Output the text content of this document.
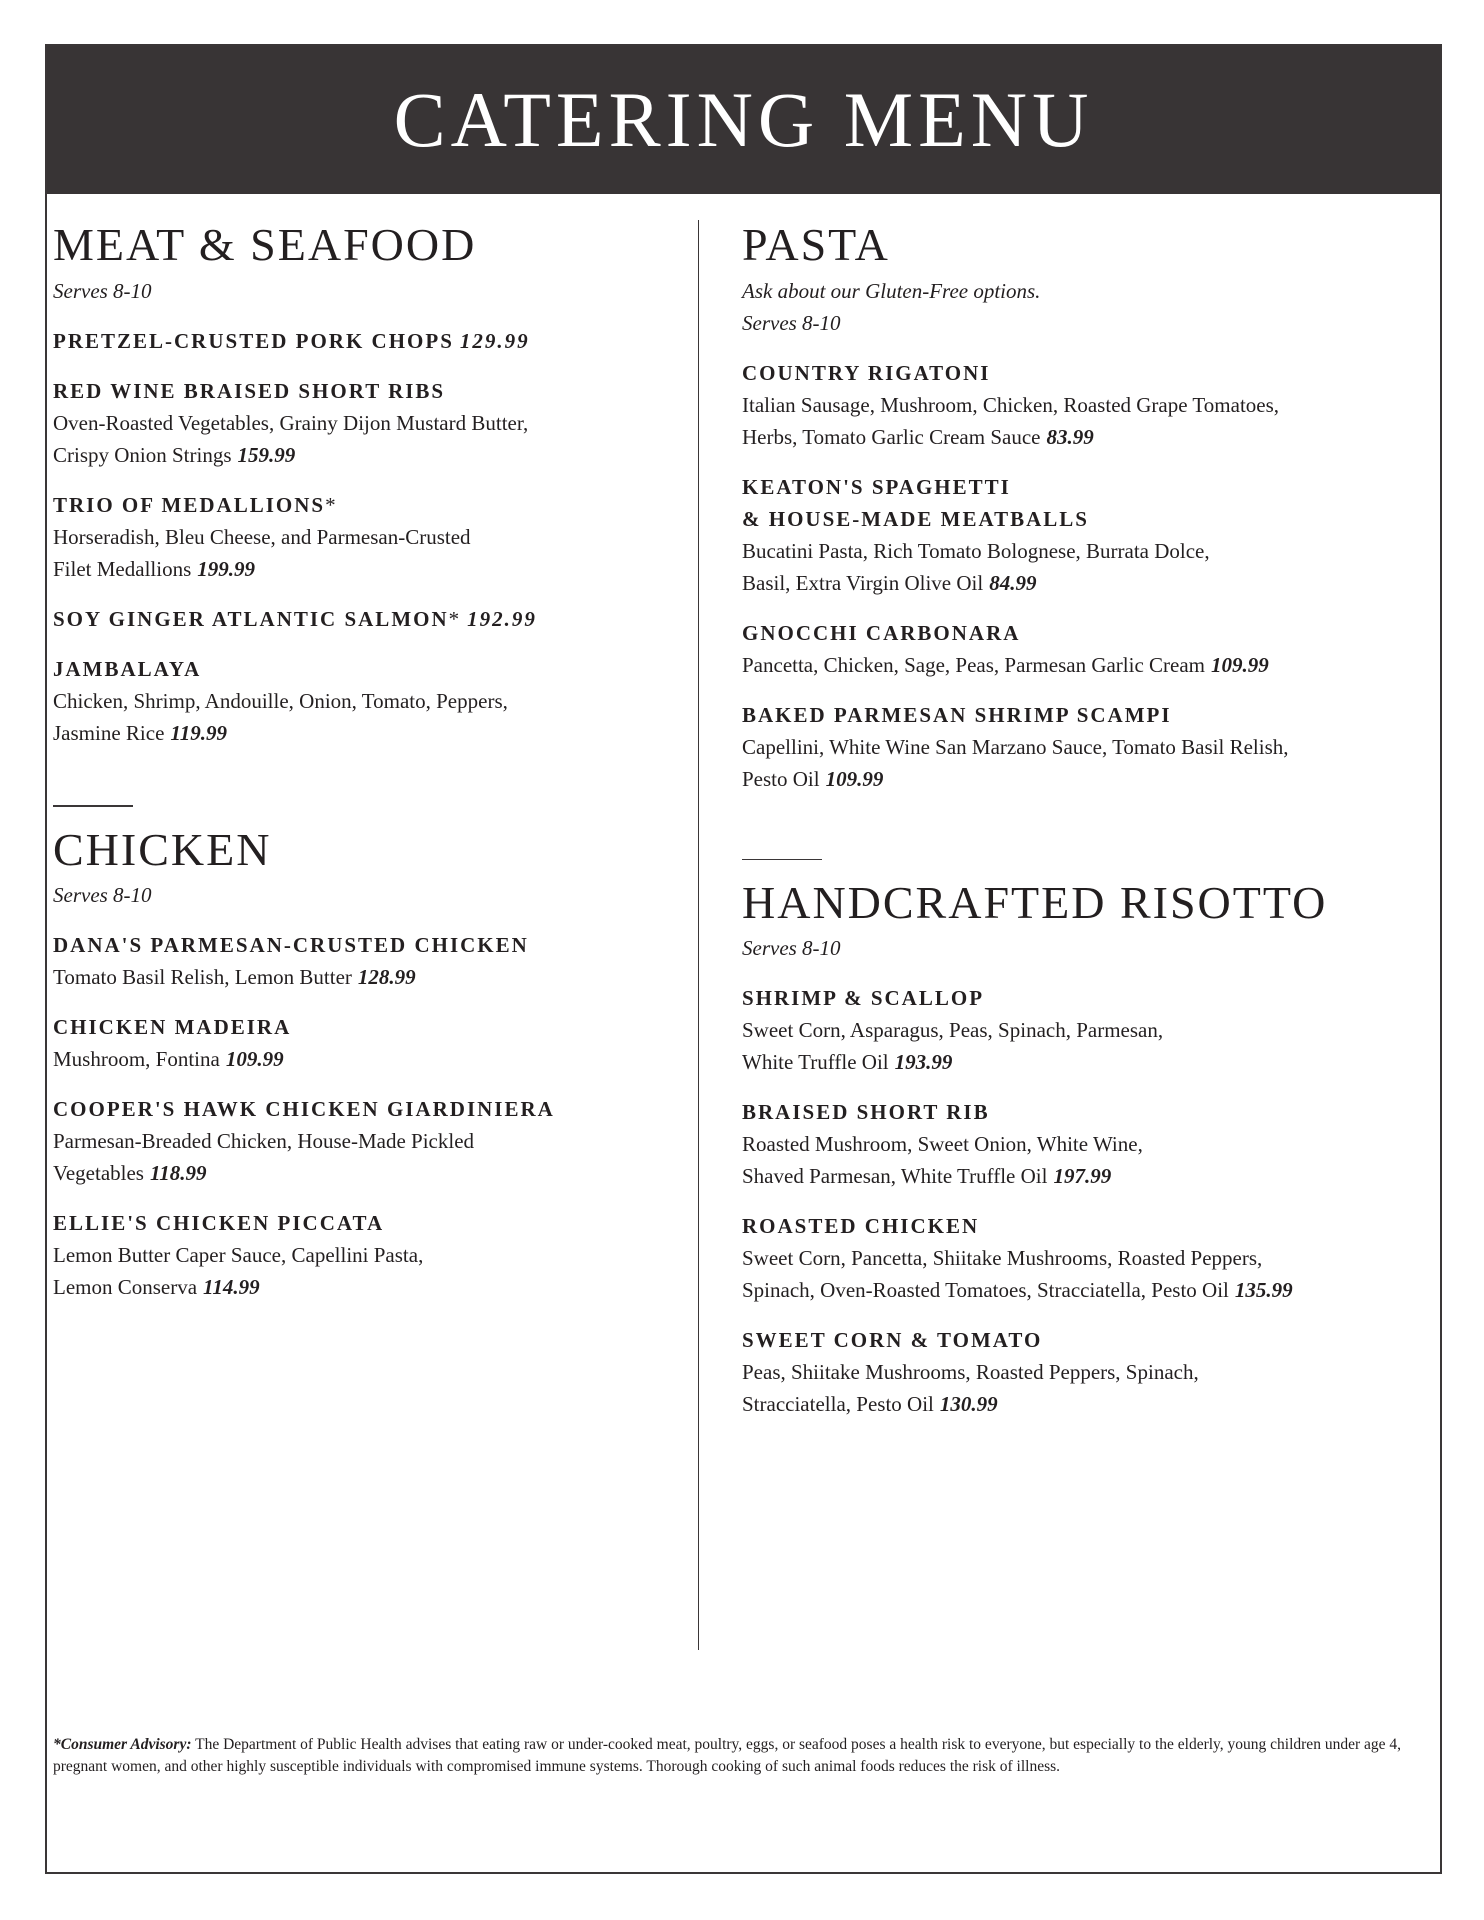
CATERING MENU
MEAT & SEAFOOD
Serves 8-10
PRETZEL-CRUSTED PORK CHOPS 129.99
RED WINE BRAISED SHORT RIBS
Oven-Roasted Vegetables, Grainy Dijon Mustard Butter,
Crispy Onion Strings 159.99
TRIO OF MEDALLIONS*
Horseradish, Bleu Cheese, and Parmesan-Crusted
Filet Medallions 199.99
SOY GINGER ATLANTIC SALMON* 192.99
JAMBALAYA
Chicken, Shrimp, Andouille, Onion, Tomato, Peppers,
Jasmine Rice 119.99
CHICKEN
Serves 8-10
DANA'S PARMESAN-CRUSTED CHICKEN
Tomato Basil Relish, Lemon Butter 128.99
CHICKEN MADEIRA
Mushroom, Fontina 109.99
COOPER'S HAWK CHICKEN GIARDINIERA
Parmesan-Breaded Chicken, House-Made Pickled
Vegetables 118.99
ELLIE'S CHICKEN PICCATA
Lemon Butter Caper Sauce, Capellini Pasta,
Lemon Conserva 114.99
PASTA
Ask about our Gluten-Free options.
Serves 8-10
COUNTRY RIGATONI
Italian Sausage, Mushroom, Chicken, Roasted Grape Tomatoes,
Herbs, Tomato Garlic Cream Sauce 83.99
KEATON'S SPAGHETTI
& HOUSE-MADE MEATBALLS
Bucatini Pasta, Rich Tomato Bolognese, Burrata Dolce,
Basil, Extra Virgin Olive Oil 84.99
GNOCCHI CARBONARA
Pancetta, Chicken, Sage, Peas, Parmesan Garlic Cream 109.99
BAKED PARMESAN SHRIMP SCAMPI
Capellini, White Wine San Marzano Sauce, Tomato Basil Relish,
Pesto Oil 109.99
HANDCRAFTED RISOTTO
Serves 8-10
SHRIMP & SCALLOP
Sweet Corn, Asparagus, Peas, Spinach, Parmesan,
White Truffle Oil 193.99
BRAISED SHORT RIB
Roasted Mushroom, Sweet Onion, White Wine,
Shaved Parmesan, White Truffle Oil 197.99
ROASTED CHICKEN
Sweet Corn, Pancetta, Shiitake Mushrooms, Roasted Peppers,
Spinach, Oven-Roasted Tomatoes, Stracciatella, Pesto Oil 135.99
SWEET CORN & TOMATO
Peas, Shiitake Mushrooms, Roasted Peppers, Spinach,
Stracciatella, Pesto Oil 130.99
*Consumer Advisory: The Department of Public Health advises that eating raw or under-cooked meat, poultry, eggs, or seafood poses a health risk to everyone, but especially to the elderly, young children under age 4, pregnant women, and other highly susceptible individuals with compromised immune systems. Thorough cooking of such animal foods reduces the risk of illness.
